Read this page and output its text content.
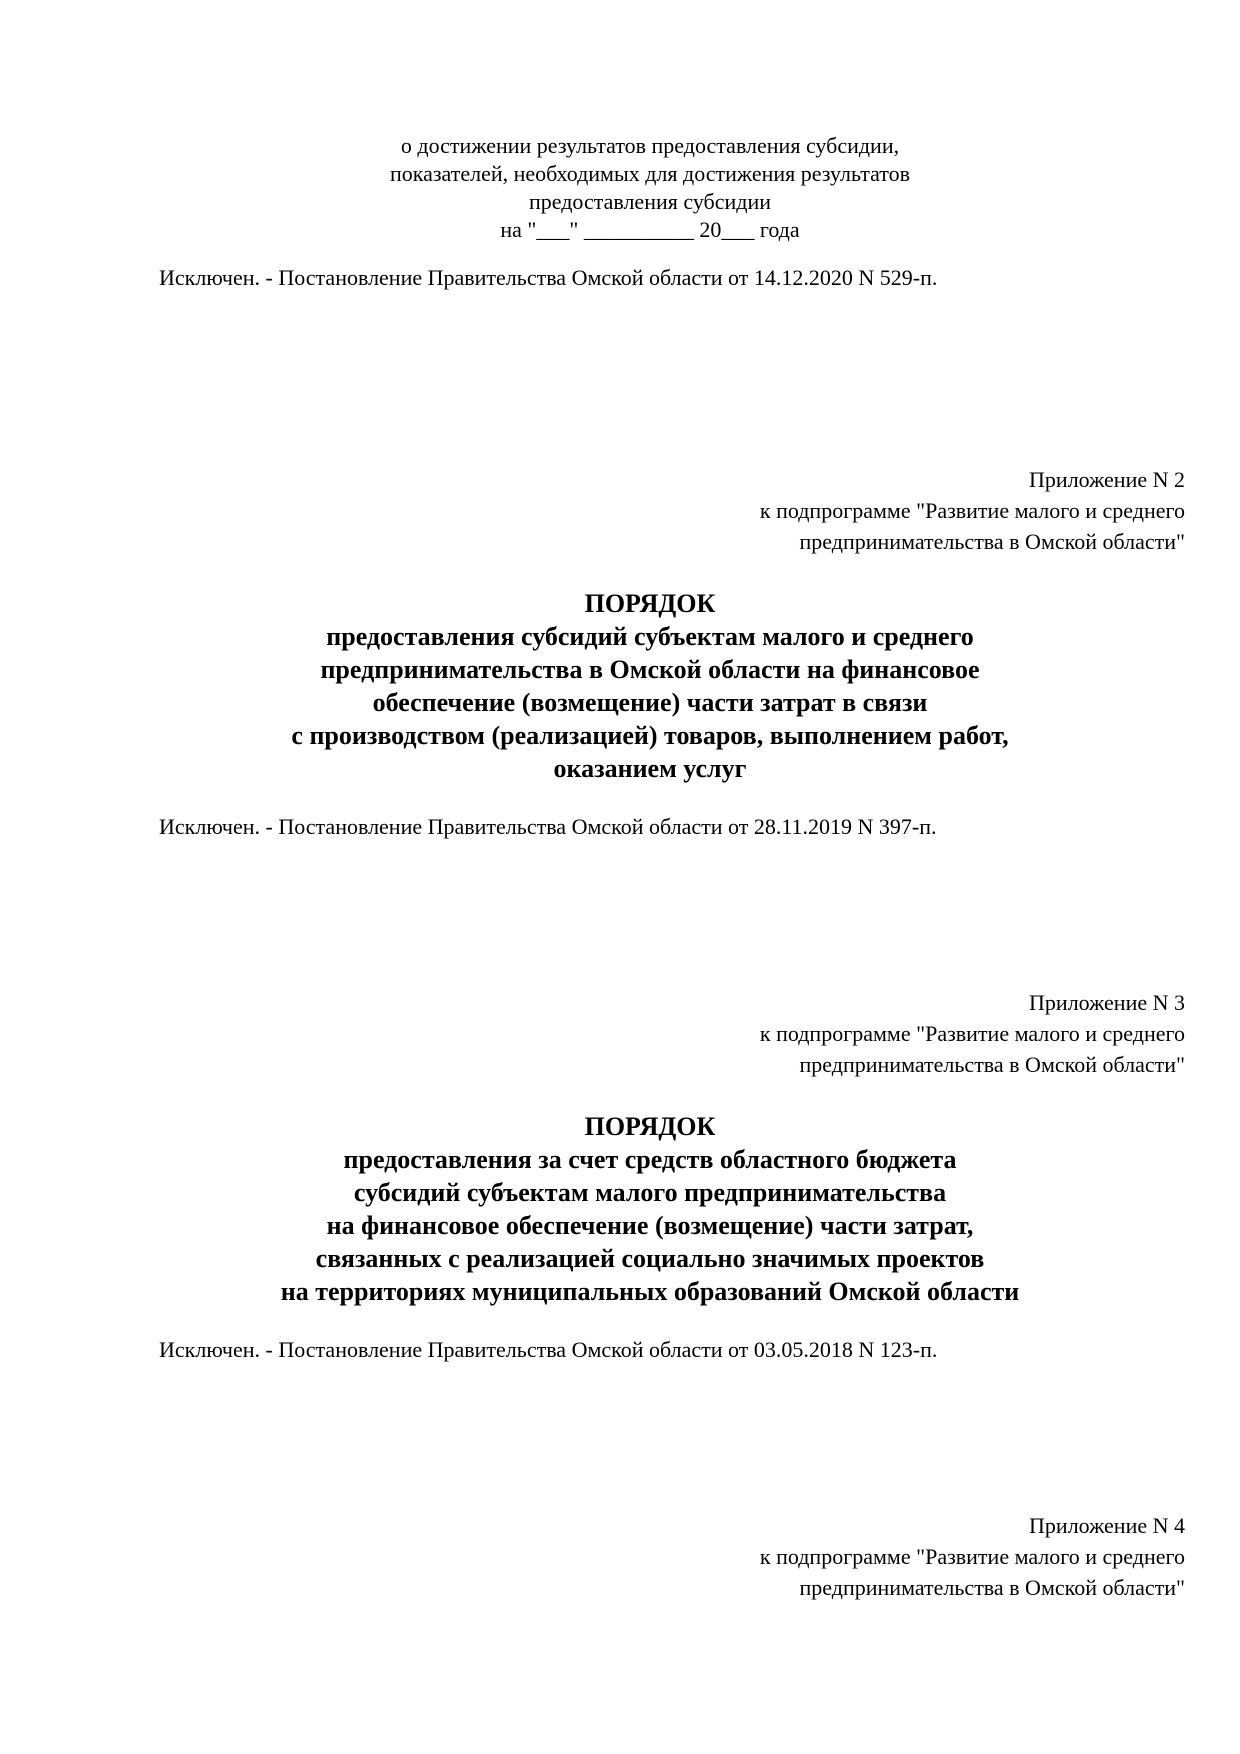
о достижении результатов предоставления субсидии,
показателей, необходимых для достижения результатов
предоставления субсидии
на "___" __________ 20___ года

Исключен. - Постановление Правительства Омской области от 14.12.2020 N 529-п.

Приложение N 2
к подпрограмме "Развитие малого и среднего
предпринимательства в Омской области"
ПОРЯДОК
предоставления субсидий субъектам малого и среднего
предпринимательства в Омской области на финансовое
обеспечение (возмещение) части затрат в связи
с производством (реализацией) товаров, выполнением работ,
оказанием услуг

Исключен. - Постановление Правительства Омской области от 28.11.2019 N 397-п.

Приложение N 3
к подпрограмме "Развитие малого и среднего
предпринимательства в Омской области"
ПОРЯДОК
предоставления за счет средств областного бюджета
субсидий субъектам малого предпринимательства
на финансовое обеспечение (возмещение) части затрат,
связанных с реализацией социально значимых проектов
на территориях муниципальных образований Омской области

Исключен. - Постановление Правительства Омской области от 03.05.2018 N 123-п.

Приложение N 4
к подпрограмме "Развитие малого и среднего
предпринимательства в Омской области"
